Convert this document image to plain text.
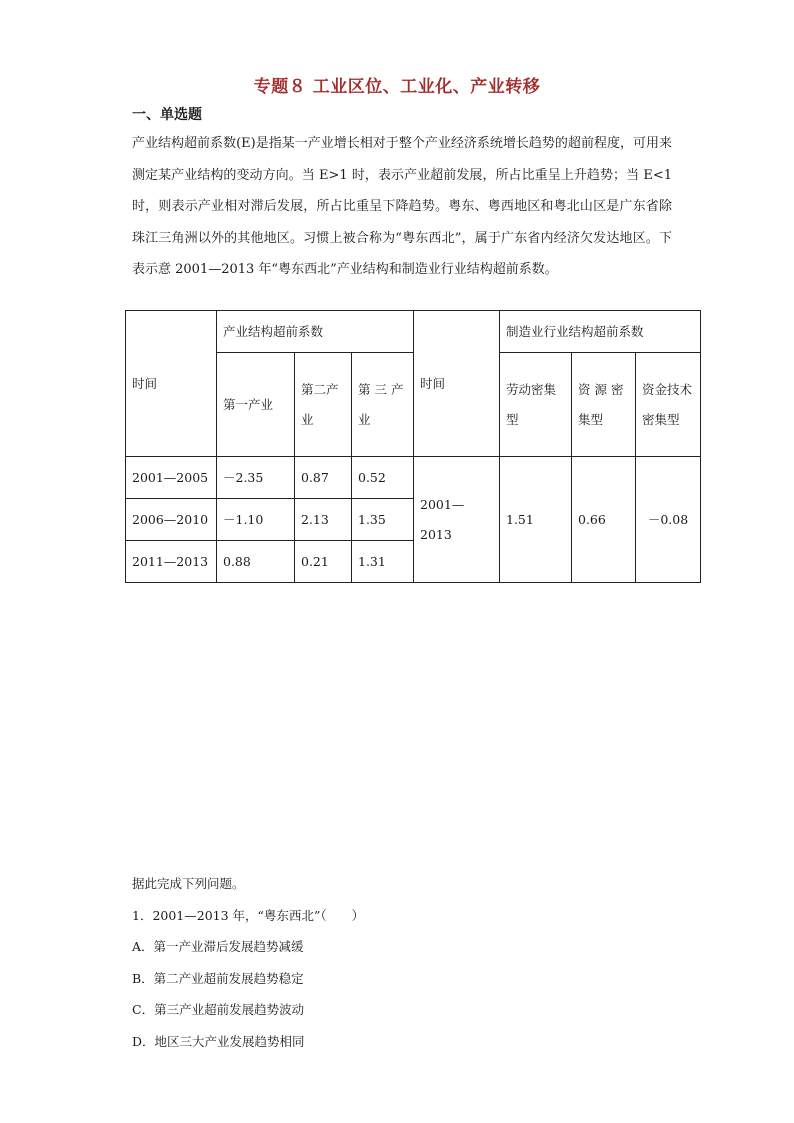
专题８ 工业区位、工业化、产业转移
一、单选题

产业结构超前系数(E)是指某一产业增长相对于整个产业经济系统增长趋势的超前程度，可用来测定某产业结构的变动方向。当 E>1 时，表示产业超前发展，所占比重呈上升趋势；当 E<1 时，则表示产业相对滞后发展，所占比重呈下降趋势。粤东、粤西地区和粤北山区是广东省除珠江三角洲以外的其他地区。习惯上被合称为“粤东西北”，属于广东省内经济欠发达地区。下表示意 2001—2013 年“粤东西北”产业结构和制造业行业结构超前系数。

时间	产业结构超前系数			时间	制造业行业结构超前系数		
	第一产业	第二产业	第 三 产 业		劳动密集型	资 源 密 集型	资金技术密集型
2001—2005	－2.35	0.87	0.52	2001—2013	1.51	0.66	－0.08
2006—2010	－1.10	2.13	1.35				
2011—2013	0.88	0.21	1.31				
据此完成下列问题。
1．2001—2013 年，“粤东西北”（　　）
A．第一产业滞后发展趋势减缓
B．第二产业超前发展趋势稳定
C．第三产业超前发展趋势波动
D．地区三大产业发展趋势相同
